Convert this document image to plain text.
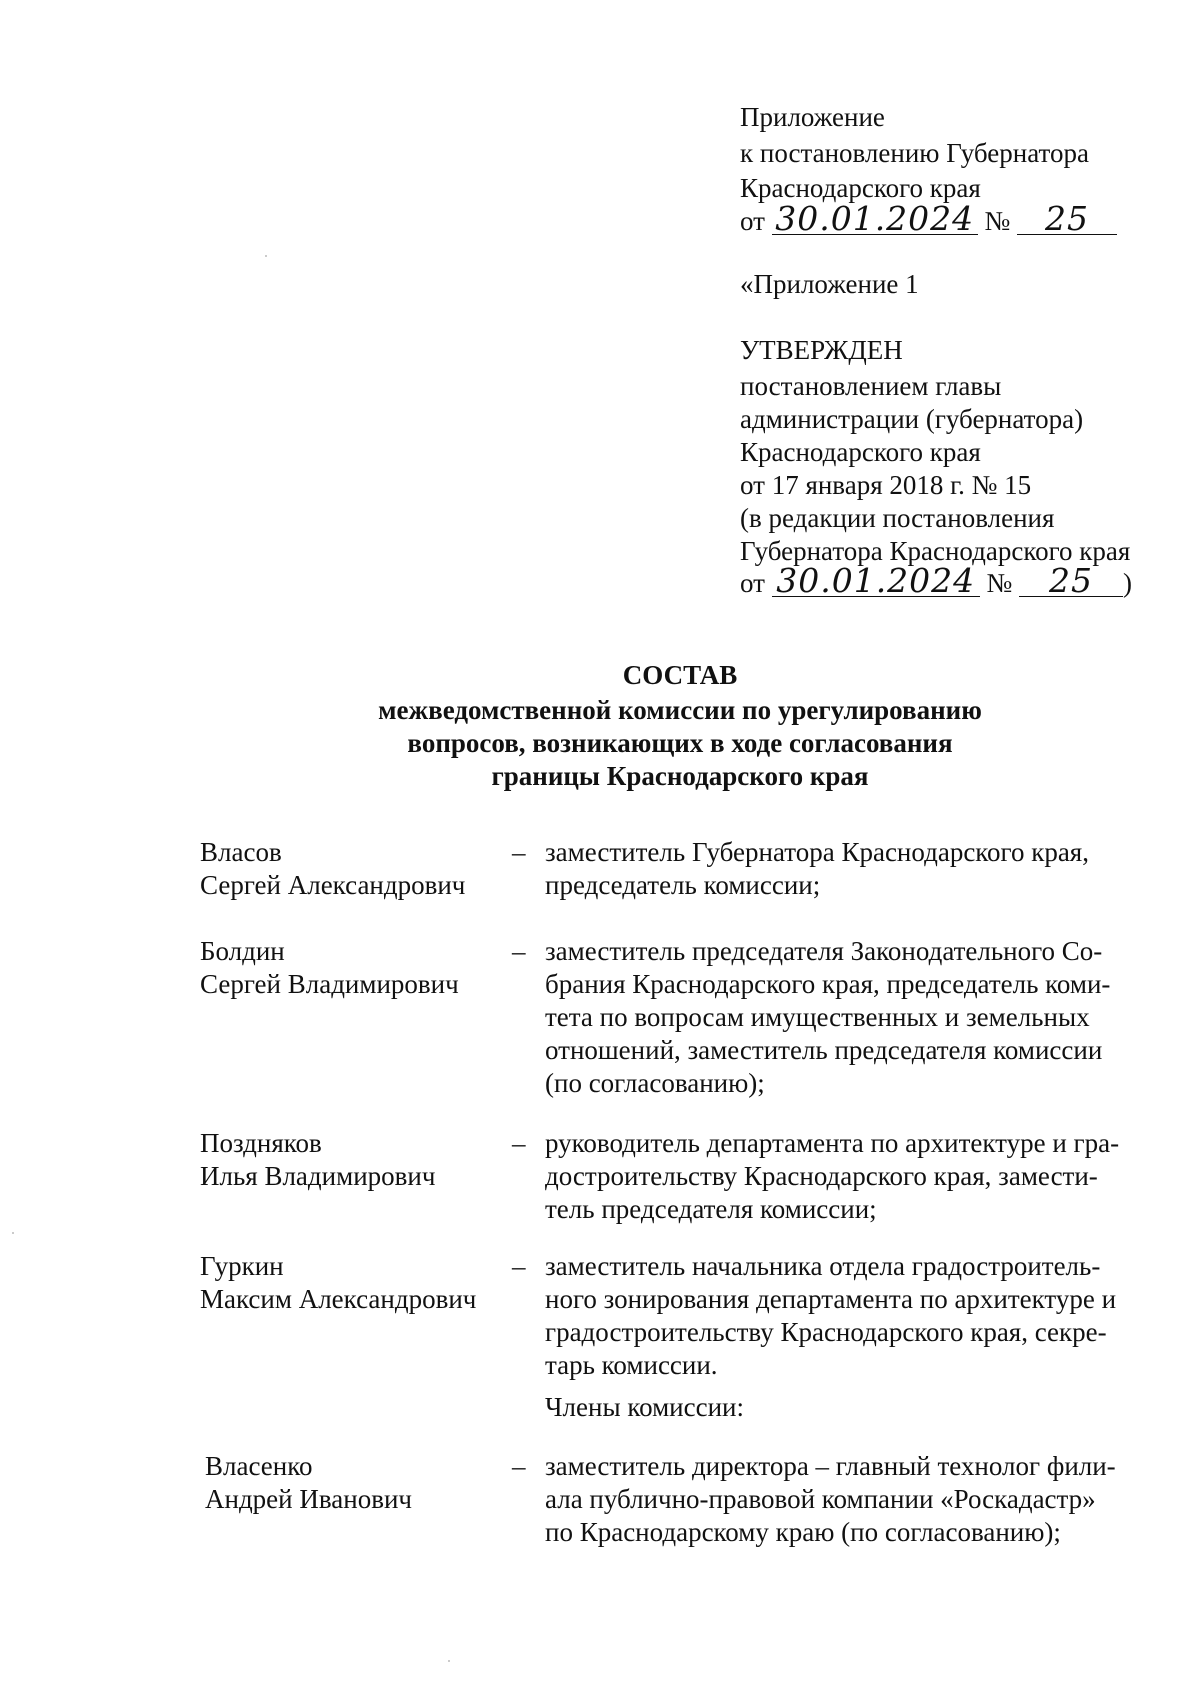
Приложение
к постановлению Губернатора
Краснодарского края
от 30.01.2024 № 25
«Приложение 1
УТВЕРЖДЕН
постановлением главы
администрации (губернатора)
Краснодарского края
от 17 января 2018 г. № 15
(в редакции постановления
Губернатора Краснодарского края
от 30.01.2024 № 25 )
СОСТАВ
межведомственной комиссии по урегулированию
вопросов, возникающих в ходе согласования
границы Краснодарского края
Власов
Сергей Александрович
– заместитель Губернатора Краснодарского края,

председатель комиссии;

Болдин
Сергей Владимирович
– заместитель председателя Законодательного Со-

брания Краснодарского края, председатель коми-

тета по вопросам имущественных и земельных

отношений, заместитель председателя комиссии

(по согласованию);

Поздняков
Илья Владимирович
– руководитель департамента по архитектуре и гра-

достроительству Краснодарского края, замести-

тель председателя комиссии;

Гуркин
Максим Александрович
– заместитель начальника отдела градостроитель-

ного зонирования департамента по архитектуре и

градостроительству Краснодарского края, секре-

тарь комиссии.

Члены комиссии:
Власенко
Андрей Иванович
– заместитель директора – главный технолог фили-

ала публично-правовой компании «Роскадастр»

по Краснодарскому краю (по согласованию);
